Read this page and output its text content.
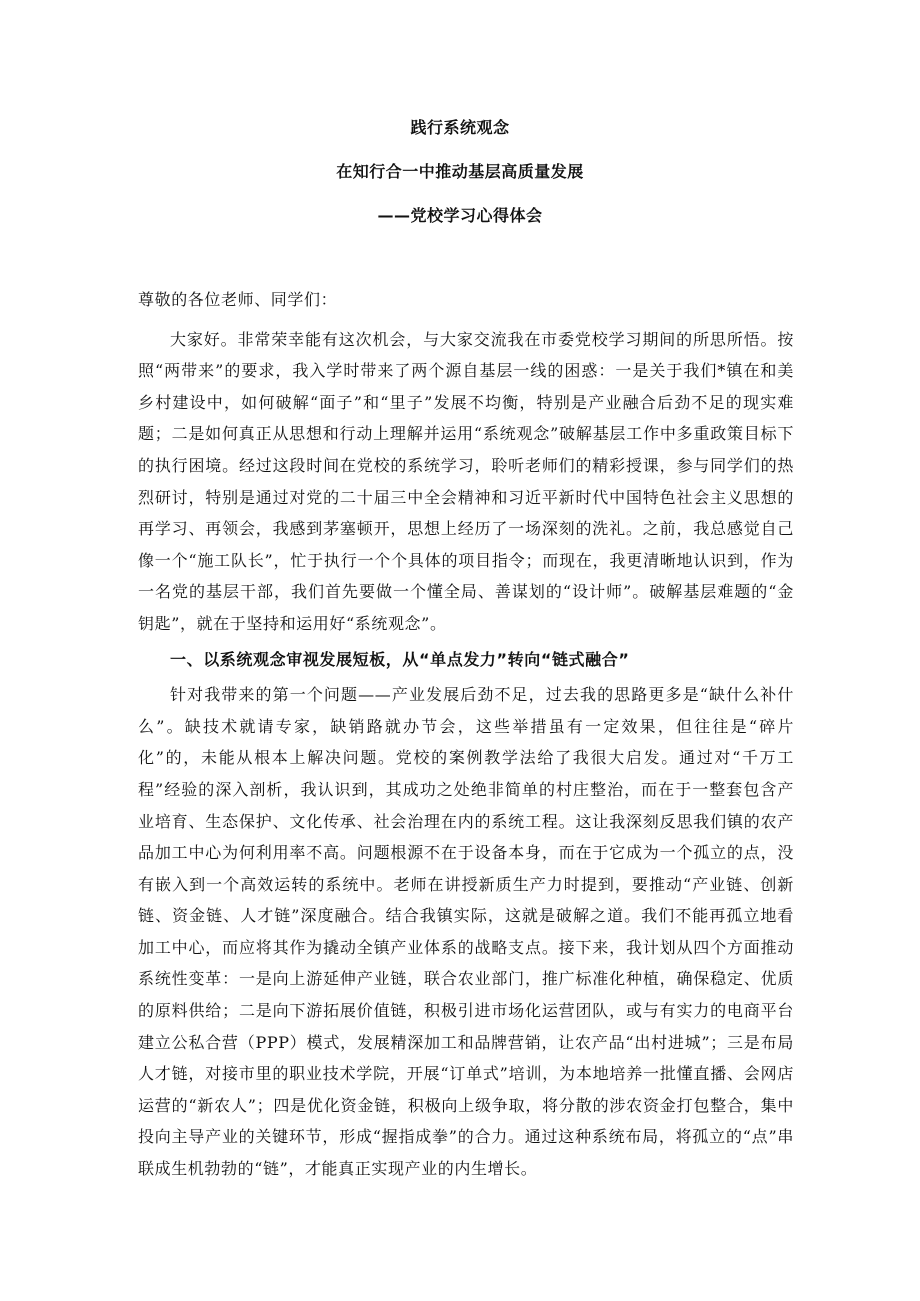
践行系统观念

在知行合一中推动基层高质量发展

——党校学习心得体会

尊敬的各位老师、同学们：

大家好。非常荣幸能有这次机会，与大家交流我在市委党校学习期间的所思所悟。按照“两带来”的要求，我入学时带来了两个源自基层一线的困惑：一是关于我们*镇在和美乡村建设中，如何破解“面子”和“里子”发展不均衡，特别是产业融合后劲不足的现实难题；二是如何真正从思想和行动上理解并运用“系统观念”破解基层工作中多重政策目标下的执行困境。经过这段时间在党校的系统学习，聆听老师们的精彩授课，参与同学们的热烈研讨，特别是通过对党的二十届三中全会精神和习近平新时代中国特色社会主义思想的再学习、再领会，我感到茅塞顿开，思想上经历了一场深刻的洗礼。之前，我总感觉自己像一个“施工队长”，忙于执行一个个具体的项目指令；而现在，我更清晰地认识到，作为一名党的基层干部，我们首先要做一个懂全局、善谋划的“设计师”。破解基层难题的“金钥匙”，就在于坚持和运用好“系统观念”。

一、以系统观念审视发展短板，从“单点发力”转向“链式融合”

针对我带来的第一个问题——产业发展后劲不足，过去我的思路更多是“缺什么补什么”。缺技术就请专家，缺销路就办节会，这些举措虽有一定效果，但往往是“碎片化”的，未能从根本上解决问题。党校的案例教学法给了我很大启发。通过对“千万工程”经验的深入剖析，我认识到，其成功之处绝非简单的村庄整治，而在于一整套包含产业培育、生态保护、文化传承、社会治理在内的系统工程。这让我深刻反思我们镇的农产品加工中心为何利用率不高。问题根源不在于设备本身，而在于它成为一个孤立的点，没有嵌入到一个高效运转的系统中。老师在讲授新质生产力时提到，要推动“产业链、创新链、资金链、人才链”深度融合。结合我镇实际，这就是破解之道。我们不能再孤立地看加工中心，而应将其作为撬动全镇产业体系的战略支点。接下来，我计划从四个方面推动系统性变革：一是向上游延伸产业链，联合农业部门，推广标准化种植，确保稳定、优质的原料供给；二是向下游拓展价值链，积极引进市场化运营团队，或与有实力的电商平台建立公私合营（PPP）模式，发展精深加工和品牌营销，让农产品“出村进城”；三是布局人才链，对接市里的职业技术学院，开展“订单式”培训，为本地培养一批懂直播、会网店运营的“新农人”；四是优化资金链，积极向上级争取，将分散的涉农资金打包整合，集中投向主导产业的关键环节，形成“握指成拳”的合力。通过这种系统布局，将孤立的“点”串联成生机勃勃的“链”，才能真正实现产业的内生增长。
